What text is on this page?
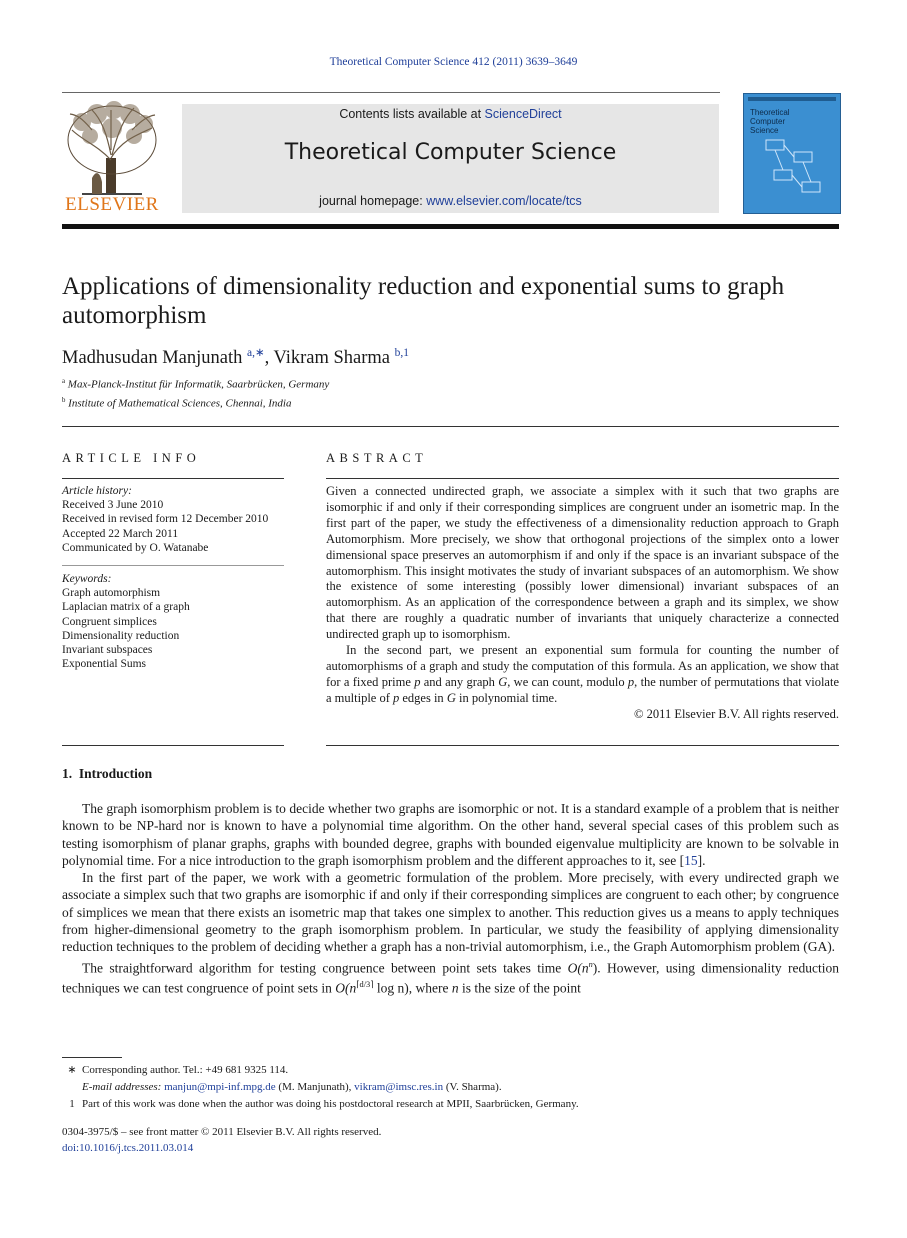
Theoretical Computer Science 412 (2011) 3639–3649
ELSEVIER
Contents lists available at ScienceDirect
Theoretical Computer Science
journal homepage: www.elsevier.com/locate/tcs
Theoretical Computer Science
Applications of dimensionality reduction and exponential sums to graph automorphism
Madhusudan Manjunath $^{a,∗}$, Vikram Sharma $^{b,1}$
$^a$ Max-Planck-Institut für Informatik, Saarbrücken, Germany
$^b$ Institute of Mathematical Sciences, Chennai, India
ARTICLE INFO
Article history:
Received 3 June 2010
Received in revised form 12 December 2010
Accepted 22 March 2011
Communicated by O. Watanabe
Keywords:
Graph automorphism
Laplacian matrix of a graph
Congruent simplices
Dimensionality reduction
Invariant subspaces
Exponential Sums
ABSTRACT

Given a connected undirected graph, we associate a simplex with it such that two graphs are isomorphic if and only if their corresponding simplices are congruent under an isometric map. In the first part of the paper, we study the effectiveness of a dimensionality reduction approach to Graph Automorphism. More precisely, we show that orthogonal projections of the simplex onto a lower dimensional space preserves an automorphism if and only if the space is an invariant subspace of the automorphism. This insight motivates the study of invariant subspaces of an automorphism. We show the existence of some interesting (possibly lower dimensional) invariant subspaces of an automorphism. As an application of the correspondence between a graph and its simplex, we show that there are roughly a quadratic number of invariants that uniquely characterize a connected undirected graph up to isomorphism.

In the second part, we present an exponential sum formula for counting the number of automorphisms of a graph and study the computation of this formula. As an application, we show that for a fixed prime p and any graph G, we can count, modulo p, the number of permutations that violate a multiple of p edges in G in polynomial time.

© 2011 Elsevier B.V. All rights reserved.
1. Introduction

The graph isomorphism problem is to decide whether two graphs are isomorphic or not. It is a standard example of a problem that is neither known to be NP-hard nor is known to have a polynomial time algorithm. On the other hand, several special cases of this problem such as testing isomorphism of planar graphs, graphs with bounded degree, graphs with bounded eigenvalue multiplicity are known to be solvable in polynomial time. For a nice introduction to the graph isomorphism problem and the different approaches to it, see [15].

In the first part of the paper, we work with a geometric formulation of the problem. More precisely, with every undirected graph we associate a simplex such that two graphs are isomorphic if and only if their corresponding simplices are congruent to each other; by congruence of simplices we mean that there exists an isometric map that takes one simplex to another. This reduction gives us a means to apply techniques from higher-dimensional geometry to the graph isomorphism problem. In particular, we study the feasibility of applying dimensionality reduction techniques to the problem of deciding whether a graph has a non-trivial automorphism, i.e., the Graph Automorphism problem (GA).

The straightforward algorithm for testing congruence between point sets takes time $O(n^n)$. However, using dimensionality reduction techniques we can test congruence of point sets in $O(n^{⌈d/3⌉}$ log n), where n is the size of the point

∗ Corresponding author. Tel.: +49 681 9325 114.
E-mail addresses: manjun@mpi-inf.mpg.de (M. Manjunath), vikram@imsc.res.in (V. Sharma).
1 Part of this work was done when the author was doing his postdoctoral research at MPII, Saarbrücken, Germany.
0304-3975/$ – see front matter © 2011 Elsevier B.V. All rights reserved.
doi:10.1016/j.tcs.2011.03.014
